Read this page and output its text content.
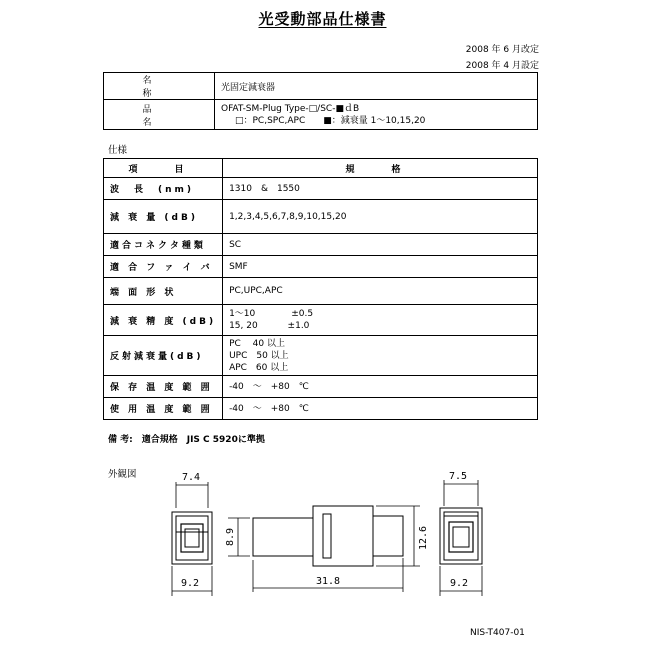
光受動部品仕様書
2008 年 6 月改定
2008 年 4 月設定
名　称	光固定減衰器
品　名	OFAT-SM-Plug Type-□/SC-■ｄB
□：PC,SPC,APC　　■：減衰量 1～10,15,20
仕様
項　目	規　格
波　長　(nm)	1310　&　1550
減 衰 量 (dB)	1,2,3,4,5,6,7,8,9,10,15,20
適合コネクタ種類	SC
適 合 フ ァ イ バ	SMF
端 面 形 状	PC,UPC,APC
減 衰 精 度 (dB)	1～10　　　　±0.5
15, 20　　　 ±1.0
反射減衰量(dB)	PC　 40 以上
UPC　50 以上
APC　60 以上
保 存 温 度 範 囲	-40　～　+80　℃
使 用 温 度 範 囲	-40　～　+80　℃
備 考:　適合規格　JIS C 5920に準拠
外観図	7.4
9.2
8.9
31.8
12.6
7.5
9.2
NIS-T407-01
